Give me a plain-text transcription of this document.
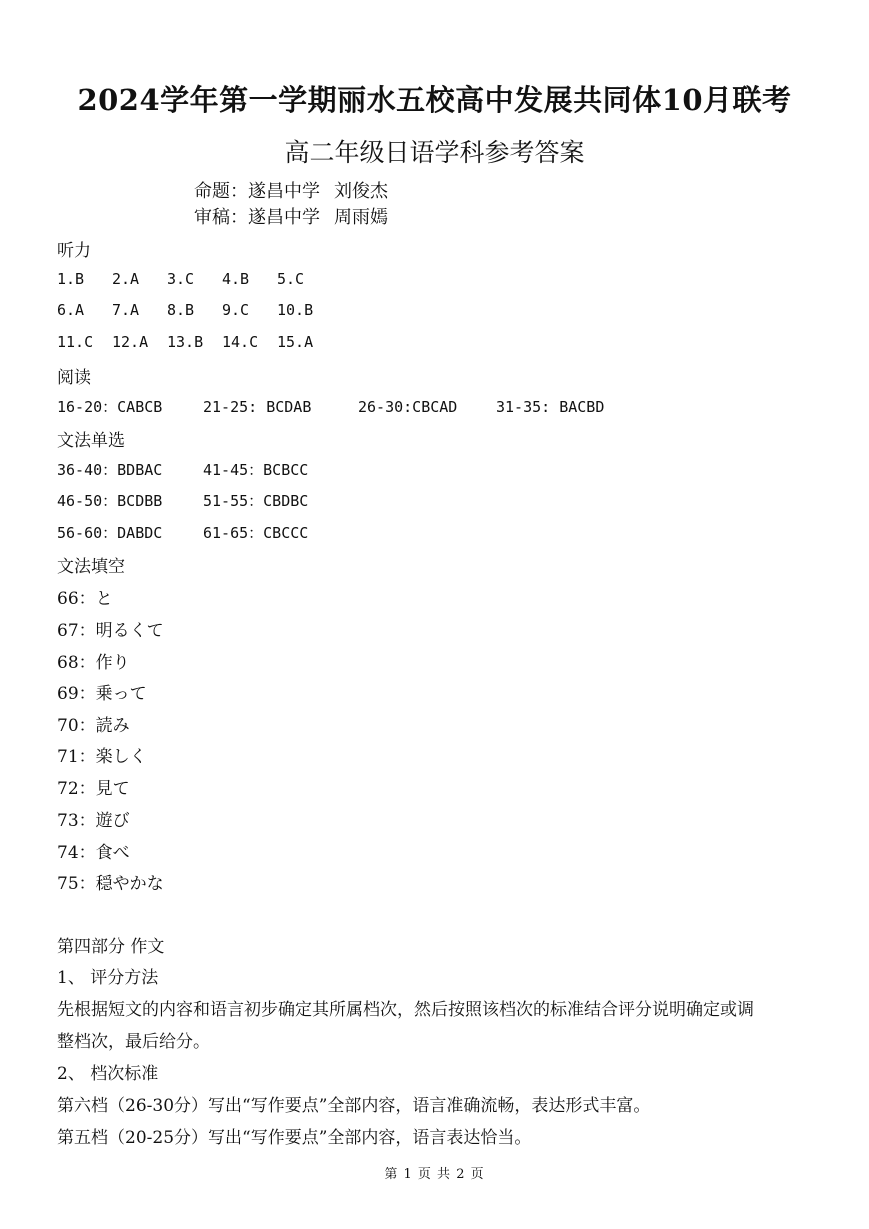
2024学年第一学期丽水五校高中发展共同体10月联考
高二年级日语学科参考答案
命题：遂昌中学 刘俊杰
审稿：遂昌中学 周雨嫣
听力
1.B 2.A 3.C 4.B 5.C
6.A 7.A 8.B 9.C 10.B
11.C 12.A 13.B 14.C 15.A
阅读
16-20：CABCB	21-25: BCDAB	26-30:CBCAD	31-35: BACBD
文法单选
36-40：BDBAC	41-45：BCBCC
46-50：BCDBB	51-55：CBDBC
56-60：DABDC	61-65：CBCCC
文法填空
66：と
67：明るくて
68：作り
69：乗って
70：読み
71：楽しく
72：見て
73：遊び
74：食べ
75：穏やかな
第四部分 作文
1、 评分方法
先根据短文的内容和语言初步确定其所属档次，然后按照该档次的标准结合评分说明确定或调
整档次，最后给分。
2、 档次标准
第六档（26-30分）写出“写作要点”全部内容，语言准确流畅，表达形式丰富。
第五档（20-25分）写出“写作要点”全部内容，语言表达恰当。
第 1 页 共 2 页
